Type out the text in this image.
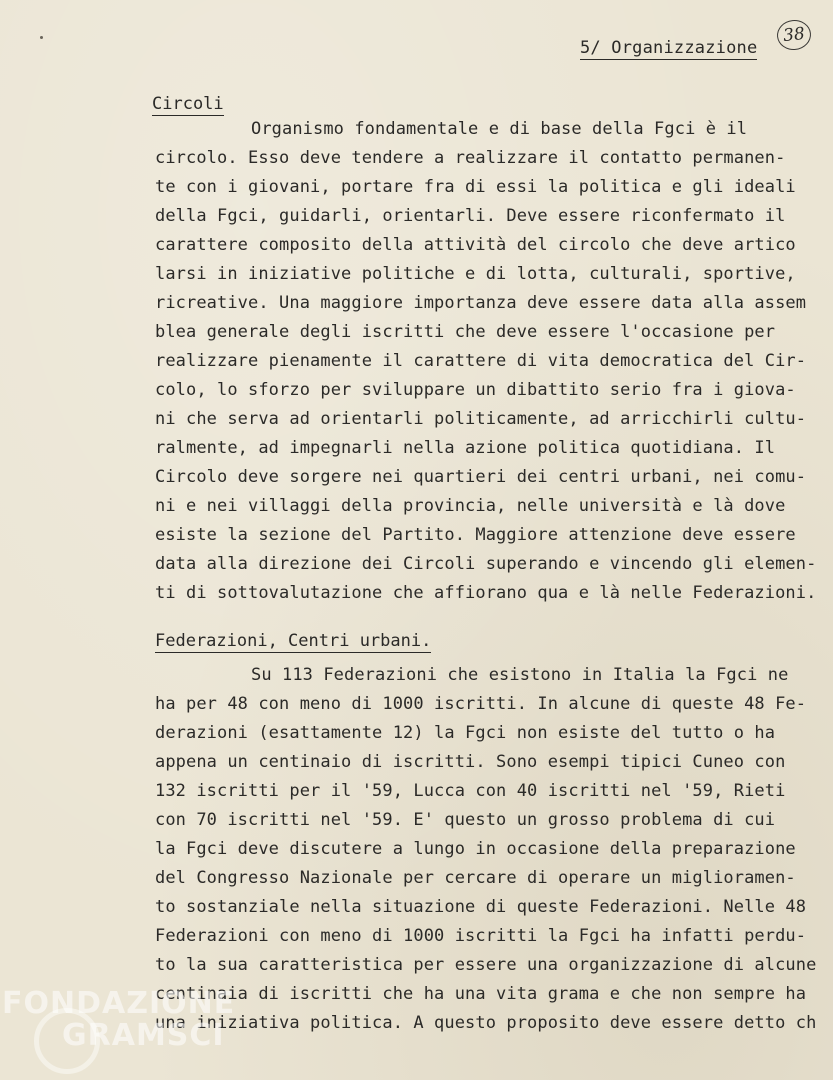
5/ Organizzazione
38
Circoli
Organismo fondamentale e di base della Fgci è il
circolo. Esso deve tendere a realizzare il contatto permanen-
te con i giovani, portare fra di essi la politica e gli ideali
della Fgci, guidarli, orientarli. Deve essere riconfermato il
carattere composito della attività del circolo che deve artico
larsi in iniziative politiche e di lotta, culturali, sportive,
ricreative. Una maggiore importanza deve essere data alla assem
blea generale degli iscritti che deve essere l'occasione per
realizzare pienamente il carattere di vita democratica del Cir-
colo, lo sforzo per sviluppare un dibattito serio fra i giova-
ni che serva ad orientarli politicamente, ad arricchirli cultu-
ralmente, ad impegnarli nella azione politica quotidiana. Il
Circolo deve sorgere nei quartieri dei centri urbani, nei comu-
ni e nei villaggi della provincia, nelle università e là dove
esiste la sezione del Partito. Maggiore attenzione deve essere
data alla direzione dei Circoli superando e vincendo gli elemen-
ti di sottovalutazione che affiorano qua e là nelle Federazioni.
Federazioni, Centri urbani.
Su 113 Federazioni che esistono in Italia la Fgci ne
ha per 48 con meno di 1000 iscritti. In alcune di queste 48 Fe-
derazioni (esattamente 12) la Fgci non esiste del tutto o ha
appena un centinaio di iscritti. Sono esempi tipici Cuneo con
132 iscritti per il '59, Lucca con 40 iscritti nel '59, Rieti
con 70 iscritti nel '59. E' questo un grosso problema di cui
la Fgci deve discutere a lungo in occasione della preparazione
del Congresso Nazionale per cercare di operare un miglioramen-
to sostanziale nella situazione di queste Federazioni. Nelle 48
Federazioni con meno di 1000 iscritti la Fgci ha infatti perdu-
to la sua caratteristica per essere una organizzazione di alcune
centinaia di iscritti che ha una vita grama e che non sempre ha
una iniziativa politica. A questo proposito deve essere detto ch
FONDAZIONE
GRAMSCI
